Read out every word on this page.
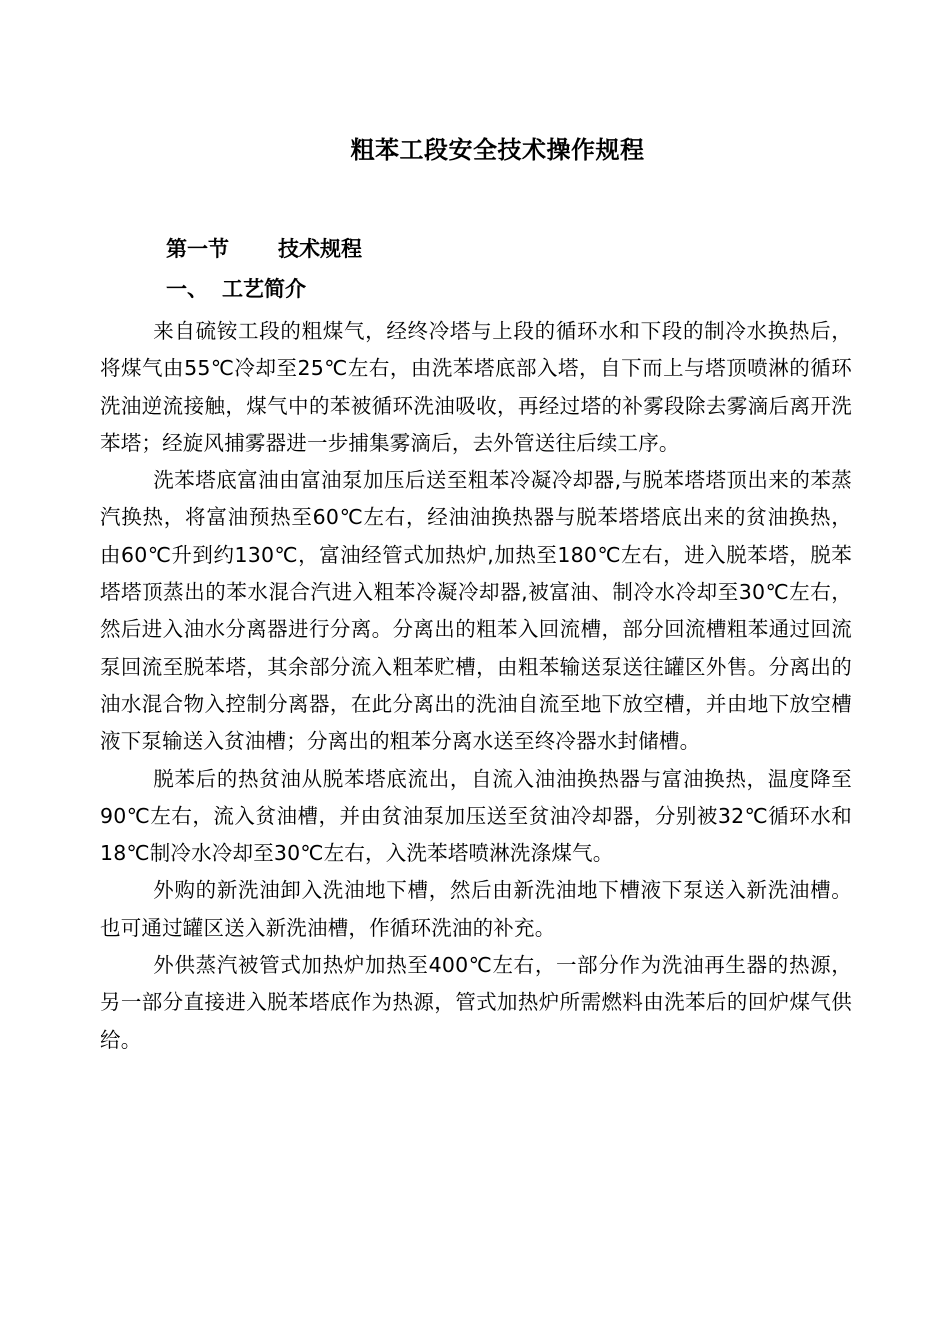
粗苯工段安全技术操作规程
第一节 技术规程
一、 工艺简介

来自硫铵工段的粗煤气，经终冷塔与上段的循环水和下段的制冷水换热后，将煤气由55℃冷却至25℃左右，由洗苯塔底部入塔，自下而上与塔顶喷淋的循环洗油逆流接触，煤气中的苯被循环洗油吸收，再经过塔的补雾段除去雾滴后离开洗苯塔；经旋风捕雾器进一步捕集雾滴后，去外管送往后续工序。

洗苯塔底富油由富油泵加压后送至粗苯冷凝冷却器,与脱苯塔塔顶出来的苯蒸汽换热，将富油预热至60℃左右，经油油换热器与脱苯塔塔底出来的贫油换热，由60℃升到约130℃，富油经管式加热炉,加热至180℃左右，进入脱苯塔，脱苯塔塔顶蒸出的苯水混合汽进入粗苯冷凝冷却器,被富油、制冷水冷却至30℃左右，然后进入油水分离器进行分离。分离出的粗苯入回流槽，部分回流槽粗苯通过回流泵回流至脱苯塔，其余部分流入粗苯贮槽，由粗苯输送泵送往罐区外售。分离出的油水混合物入控制分离器，在此分离出的洗油自流至地下放空槽，并由地下放空槽液下泵输送入贫油槽；分离出的粗苯分离水送至终冷器水封储槽。

脱苯后的热贫油从脱苯塔底流出，自流入油油换热器与富油换热，温度降至90℃左右，流入贫油槽，并由贫油泵加压送至贫油冷却器，分别被32℃循环水和18℃制冷水冷却至30℃左右，入洗苯塔喷淋洗涤煤气。

外购的新洗油卸入洗油地下槽，然后由新洗油地下槽液下泵送入新洗油槽。也可通过罐区送入新洗油槽，作循环洗油的补充。

外供蒸汽被管式加热炉加热至400℃左右，一部分作为洗油再生器的热源，另一部分直接进入脱苯塔底作为热源，管式加热炉所需燃料由洗苯后的回炉煤气供给。
